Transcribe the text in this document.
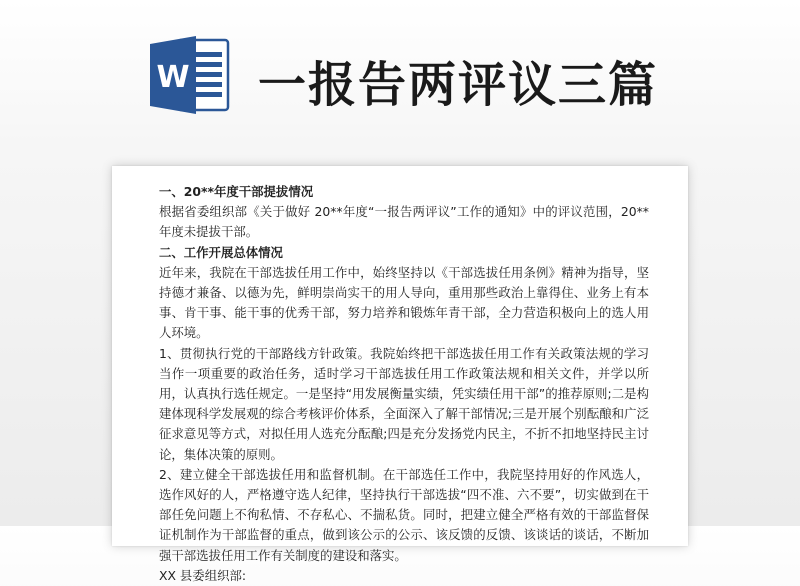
W 一报告两评议三篇

一、20**年度干部提拔情况

根据省委组织部《关于做好 20**年度“一报告两评议”工作的通知》中的评议范围，20**年度未提拔干部。

二、工作开展总体情况

近年来，我院在干部选拔任用工作中，始终坚持以《干部选拔任用条例》精神为指导，坚持德才兼备、以德为先，鲜明崇尚实干的用人导向，重用那些政治上靠得住、业务上有本事、肯干事、能干事的优秀干部，努力培养和锻炼年青干部，全力营造积极向上的选人用人环境。

1、贯彻执行党的干部路线方针政策。我院始终把干部选拔任用工作有关政策法规的学习当作一项重要的政治任务，适时学习干部选拔任用工作政策法规和相关文件，并学以所用，认真执行选任规定。一是坚持“用发展衡量实绩，凭实绩任用干部”的推荐原则;二是构建体现科学发展观的综合考核评价体系，全面深入了解干部情况;三是开展个别酝酿和广泛征求意见等方式，对拟任用人选充分酝酿;四是充分发扬党内民主，不折不扣地坚持民主讨论，集体决策的原则。

2、建立健全干部选拔任用和监督机制。在干部选任工作中，我院坚持用好的作风选人，选作风好的人，严格遵守选人纪律，坚持执行干部选拔“四不准、六不要”，切实做到在干部任免问题上不徇私情、不存私心、不揣私货。同时，把建立健全严格有效的干部监督保证机制作为干部监督的重点，做到该公示的公示、该反馈的反馈、该谈话的谈话，不断加强干部选拔任用工作有关制度的建设和落实。

XX 县委组织部:
